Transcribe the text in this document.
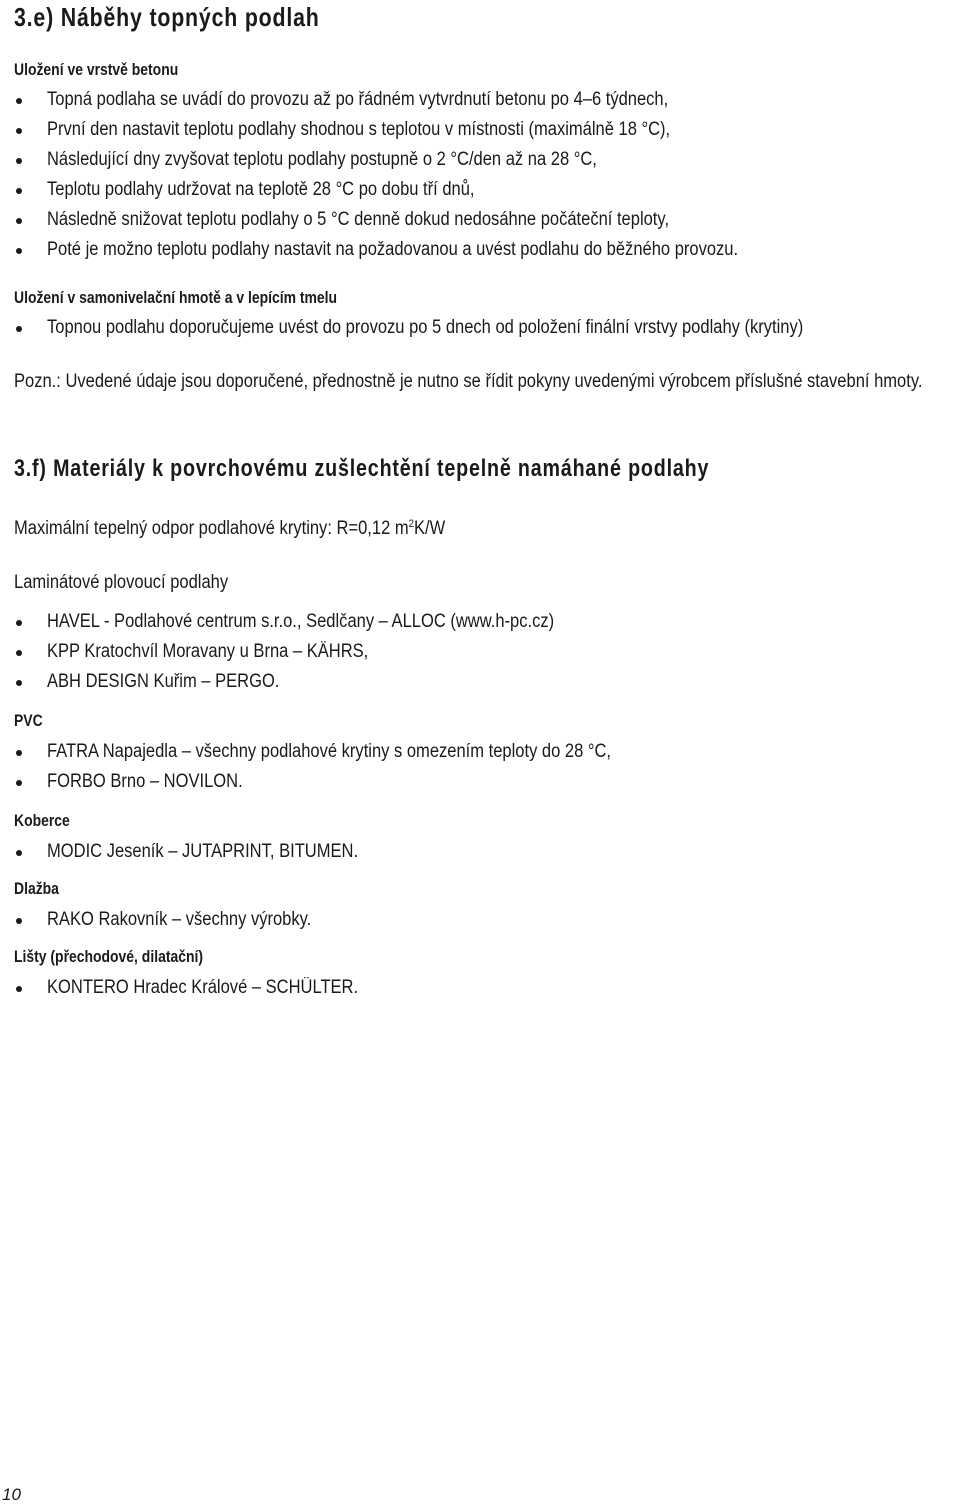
3.e) Náběhy topných podlah
Uložení ve vrstvě betonu
Topná podlaha se uvádí do provozu až po řádném vytvrdnutí betonu po 4–6 týdnech,
První den nastavit teplotu podlahy shodnou s teplotou v místnosti (maximálně 18 °C),
Následující dny zvyšovat teplotu podlahy postupně o 2 °C/den až na 28 °C,
Teplotu podlahy udržovat na teplotě 28 °C po dobu tří dnů,
Následně snižovat teplotu podlahy o 5 °C denně dokud nedosáhne počáteční teploty,
Poté je možno teplotu podlahy nastavit na požadovanou a uvést podlahu do běžného provozu.
Uložení v samonivelační hmotě a v lepícím tmelu
Topnou podlahu doporučujeme uvést do provozu po 5 dnech od položení finální vrstvy podlahy (krytiny)
Pozn.: Uvedené údaje jsou doporučené, přednostně je nutno se řídit pokyny uvedenými výrobcem příslušné stavební hmoty.
3.f) Materiály k povrchovému zušlechtění tepelně namáhané podlahy
Maximální tepelný odpor podlahové krytiny: R=0,12 $m^2K/W$
Laminátové plovoucí podlahy
HAVEL - Podlahové centrum s.r.o., Sedlčany – ALLOC (www.h-pc.cz)
KPP Kratochvíl Moravany u Brna – KÄHRS,
ABH DESIGN Kuřim – PERGO.
PVC
FATRA Napajedla – všechny podlahové krytiny s omezením teploty do 28 °C,
FORBO Brno – NOVILON.
Koberce
MODIC Jeseník – JUTAPRINT, BITUMEN.
Dlažba
RAKO Rakovník – všechny výrobky.
Lišty (přechodové, dilatační)
KONTERO Hradec Králové – SCHÜLTER.
10
